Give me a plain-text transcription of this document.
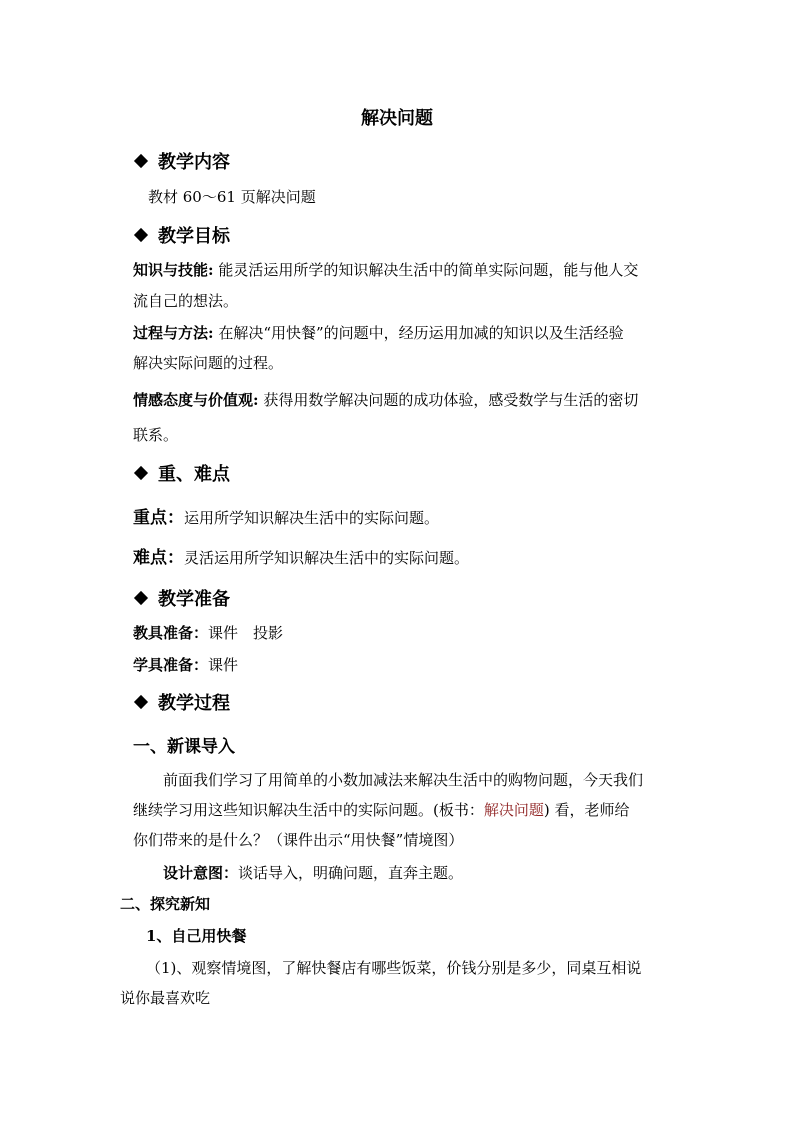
解决问题
教学内容
教材 60～61 页解决问题
教学目标
知识与技能: 能灵活运用所学的知识解决生活中的简单实际问题，能与他人交
流自己的想法。
过程与方法: 在解决“用快餐”的问题中，经历运用加减的知识以及生活经验
解决实际问题的过程。
情感态度与价值观: 获得用数学解决问题的成功体验，感受数学与生活的密切
联系。
重、难点
重点：运用所学知识解决生活中的实际问题。
难点：灵活运用所学知识解决生活中的实际问题。
教学准备
教具准备：课件　投影
学具准备：课件
教学过程
一、新课导入
前面我们学习了用简单的小数加减法来解决生活中的购物问题，今天我们
继续学习用这些知识解决生活中的实际问题。(板书：解决问题) 看，老师给
你们带来的是什么？（课件出示“用快餐”情境图）
设计意图：谈话导入，明确问题，直奔主题。
二、探究新知
1、自己用快餐
（1)、观察情境图，了解快餐店有哪些饭菜，价钱分别是多少，同桌互相说
说你最喜欢吃
